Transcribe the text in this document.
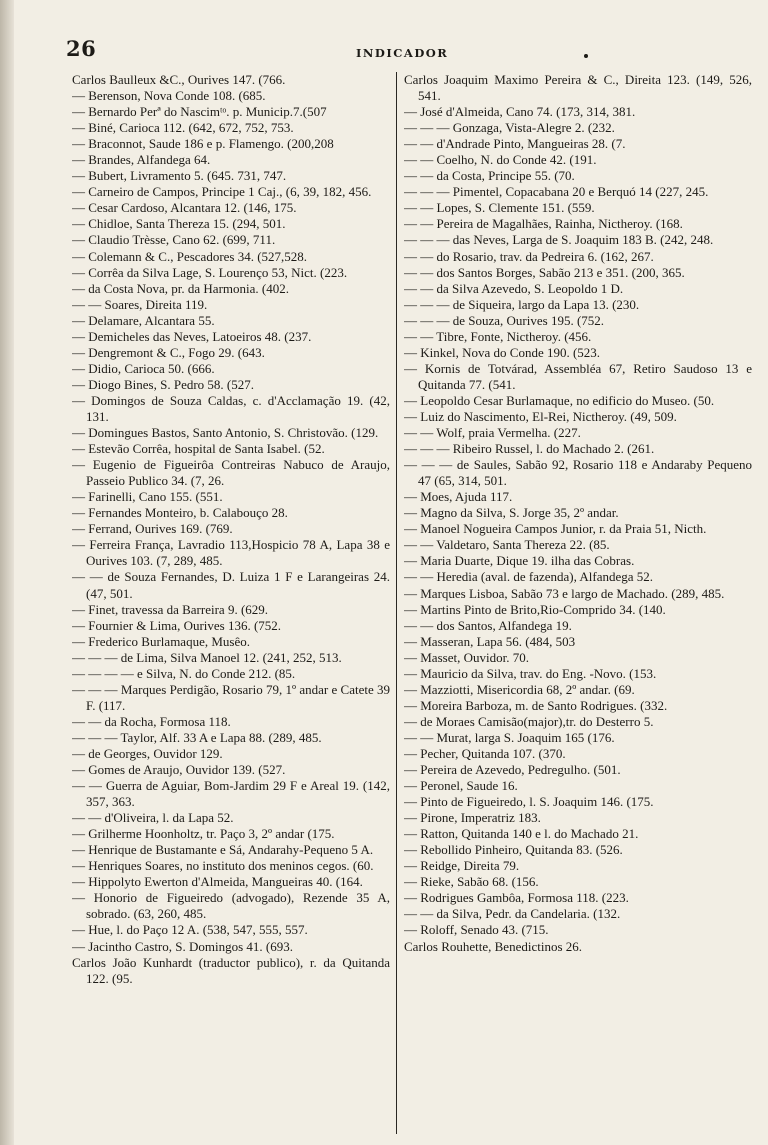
26	INDICADOR

Carlos Baulleux &C., Ourives 147. (766.

— Berenson, Nova Conde 108. (685.

— Bernardo Perª do Nascimᵗᵒ. p. Municip.7.(507

— Biné, Carioca 112. (642, 672, 752, 753.

— Braconnot, Saude 186 e p. Flamengo. (200,208

— Brandes, Alfandega 64.

— Bubert, Livramento 5. (645. 731, 747.

— Carneiro de Campos, Principe 1 Caj., (6, 39, 182, 456.

— Cesar Cardoso, Alcantara 12. (146, 175.

— Chidloe, Santa Thereza 15. (294, 501.

— Claudio Trèsse, Cano 62. (699, 711.

— Colemann & C., Pescadores 34. (527,528.

— Corrêa da Silva Lage, S. Lourenço 53, Nict. (223.

— da Costa Nova, pr. da Harmonia. (402.

— — Soares, Direita 119.

— Delamare, Alcantara 55.

— Demicheles das Neves, Latoeiros 48. (237.

— Dengremont & C., Fogo 29. (643.

— Didio, Carioca 50. (666.

— Diogo Bines, S. Pedro 58. (527.

— Domingos de Souza Caldas, c. d'Acclamação 19. (42, 131.

— Domingues Bastos, Santo Antonio, S. Christovão. (129.

— Estevão Corrêa, hospital de Santa Isabel. (52.

— Eugenio de Figueirôa Contreiras Nabuco de Araujo, Passeio Publico 34. (7, 26.

— Farinelli, Cano 155. (551.

— Fernandes Monteiro, b. Calabouço 28.

— Ferrand, Ourives 169. (769.

— Ferreira França, Lavradio 113,Hospicio 78 A, Lapa 38 e Ourives 103. (7, 289, 485.

— — de Souza Fernandes, D. Luiza 1 F e Larangeiras 24. (47, 501.

— Finet, travessa da Barreira 9. (629.

— Fournier & Lima, Ourives 136. (752.

— Frederico Burlamaque, Musêo.

— — — de Lima, Silva Manoel 12. (241, 252, 513.

— — — — e Silva, N. do Conde 212. (85.

— — — Marques Perdigão, Rosario 79, 1º andar e Catete 39 F. (117.

— — da Rocha, Formosa 118.

— — — Taylor, Alf. 33 A e Lapa 88. (289, 485.

— de Georges, Ouvidor 129.

— Gomes de Araujo, Ouvidor 139. (527.

— — Guerra de Aguiar, Bom-Jardim 29 F e Areal 19. (142, 357, 363.

— — d'Oliveira, l. da Lapa 52.

— Grilherme Hoonholtz, tr. Paço 3, 2º andar (175.

— Henrique de Bustamante e Sá, Andarahy-Pequeno 5 A.

— Henriques Soares, no instituto dos meninos cegos. (60.

— Hippolyto Ewerton d'Almeida, Mangueiras 40. (164.

— Honorio de Figueiredo (advogado), Rezende 35 A, sobrado. (63, 260, 485.

— Hue, l. do Paço 12 A. (538, 547, 555, 557.

— Jacintho Castro, S. Domingos 41. (693.

Carlos João Kunhardt (traductor publico), r. da Quitanda 122. (95.

Carlos Joaquim Maximo Pereira & C., Direita 123. (149, 526, 541.

— José d'Almeida, Cano 74. (173, 314, 381.

— — — Gonzaga, Vista-Alegre 2. (232.

— — d'Andrade Pinto, Mangueiras 28. (7.

— — Coelho, N. do Conde 42. (191.

— — da Costa, Principe 55. (70.

— — — Pimentel, Copacabana 20 e Berquó 14 (227, 245.

— — Lopes, S. Clemente 151. (559.

— — Pereira de Magalhães, Rainha, Nictheroy. (168.

— — — das Neves, Larga de S. Joaquim 183 B. (242, 248.

— — do Rosario, trav. da Pedreira 6. (162, 267.

— — dos Santos Borges, Sabão 213 e 351. (200, 365.

— — da Silva Azevedo, S. Leopoldo 1 D.

— — — de Siqueira, largo da Lapa 13. (230.

— — — de Souza, Ourives 195. (752.

— — Tibre, Fonte, Nictheroy. (456.

— Kinkel, Nova do Conde 190. (523.

— Kornis de Totvárad, Assembléa 67, Retiro Saudoso 13 e Quitanda 77. (541.

— Leopoldo Cesar Burlamaque, no edificio do Museo. (50.

— Luiz do Nascimento, El-Rei, Nictheroy. (49, 509.

— — Wolf, praia Vermelha. (227.

— — — Ribeiro Russel, l. do Machado 2. (261.

— — — de Saules, Sabão 92, Rosario 118 e Andaraby Pequeno 47 (65, 314, 501.

— Moes, Ajuda 117.

— Magno da Silva, S. Jorge 35, 2º andar.

— Manoel Nogueira Campos Junior, r. da Praia 51, Nicth.

— — Valdetaro, Santa Thereza 22. (85.

— Maria Duarte, Dique 19. ilha das Cobras.

— — Heredia (aval. de fazenda), Alfandega 52.

— Marques Lisboa, Sabão 73 e largo de Machado. (289, 485.

— Martins Pinto de Brito,Rio-Comprido 34. (140.

— — dos Santos, Alfandega 19.

— Masseran, Lapa 56. (484, 503

— Masset, Ouvidor. 70.

— Mauricio da Silva, trav. do Eng. -Novo. (153.

— Mazziotti, Misericordia 68, 2º andar. (69.

— Moreira Barboza, m. de Santo Rodrigues. (332.

— de Moraes Camisão(major),tr. do Desterro 5.

— — Murat, larga S. Joaquim 165 (176.

— Pecher, Quitanda 107. (370.

— Pereira de Azevedo, Pedregulho. (501.

— Peronel, Saude 16.

— Pinto de Figueiredo, l. S. Joaquim 146. (175.

— Pirone, Imperatriz 183.

— Ratton, Quitanda 140 e l. do Machado 21.

— Rebollido Pinheiro, Quitanda 83. (526.

— Reidge, Direita 79.

— Rieke, Sabão 68. (156.

— Rodrigues Gambôa, Formosa 118. (223.

— — da Silva, Pedr. da Candelaria. (132.

— Roloff, Senado 43. (715.

Carlos Rouhette, Benedictinos 26.
